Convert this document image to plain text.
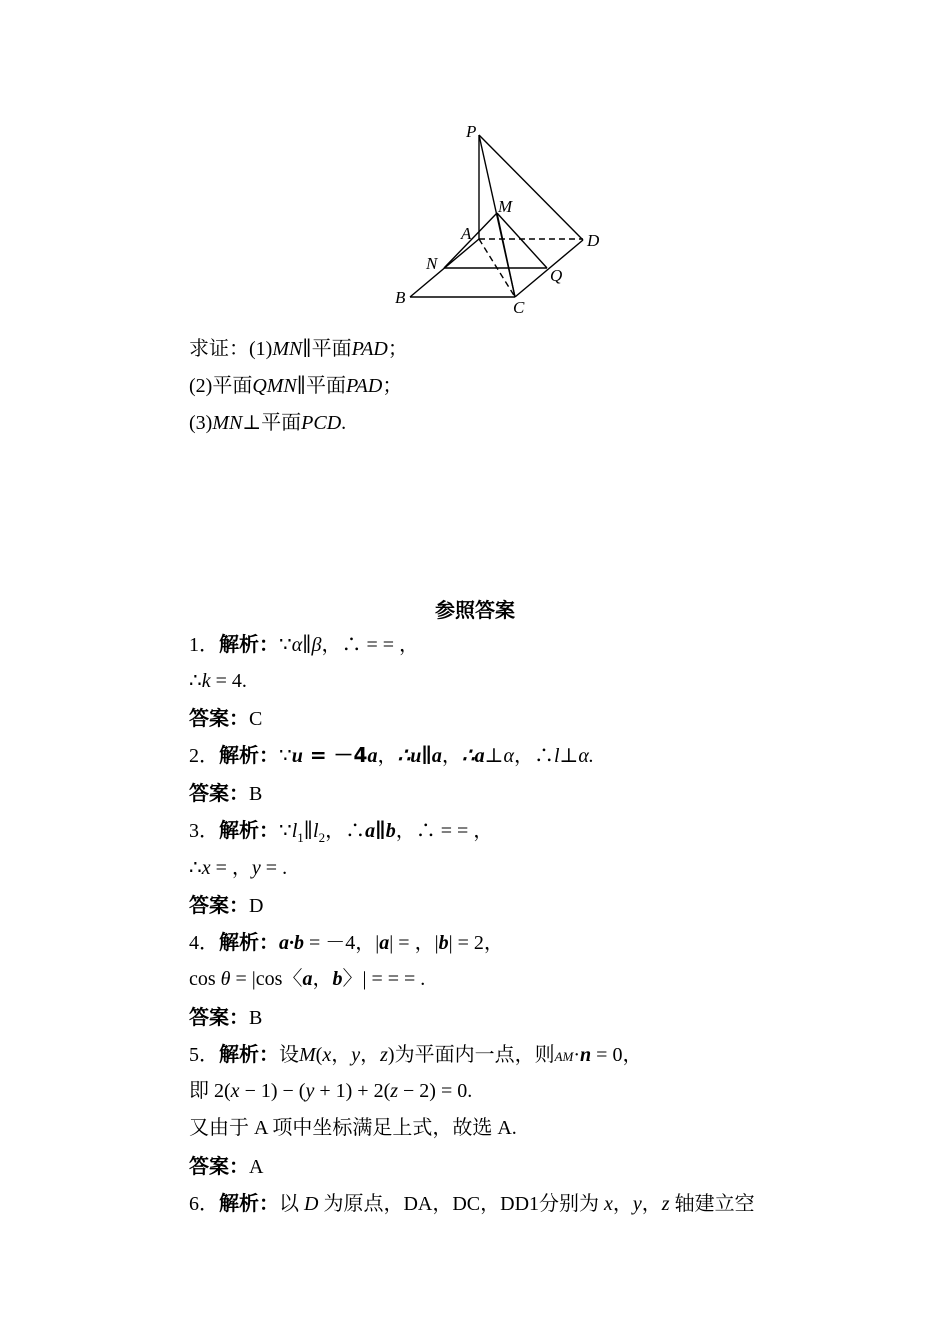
P
M
A	D
N
Q
B
C
求证：(1)MN∥平面PAD；
(2)平面QMN∥平面PAD；
(3)MN⊥平面PCD.
参照答案
1．解析：∵α∥β，∴ = = ，
∴k = 4.
答案：C
2．解析：∵u = －4a，∴u∥a，∴a⊥α，∴l⊥α.
答案：B
3．解析：$\because l_1\parallel l_2$，∴a∥b，∴ = = ，
∴x = ，y = .
答案：D
4．解析：a·b = －4，|a| = ，|b| = 2，
cos θ = |cos〈a，b〉| = = = .
答案：B
5．解析：设M(x，y，z)为平面内一点，则AM·n = 0，
即 2(x − 1) − (y + 1) + 2(z − 2) = 0.
又由于 A 项中坐标满足上式，故选 A.
答案：A
6．解析：以 D 为原点，DA，DC，DD1分别为 x，y，z 轴建立空
